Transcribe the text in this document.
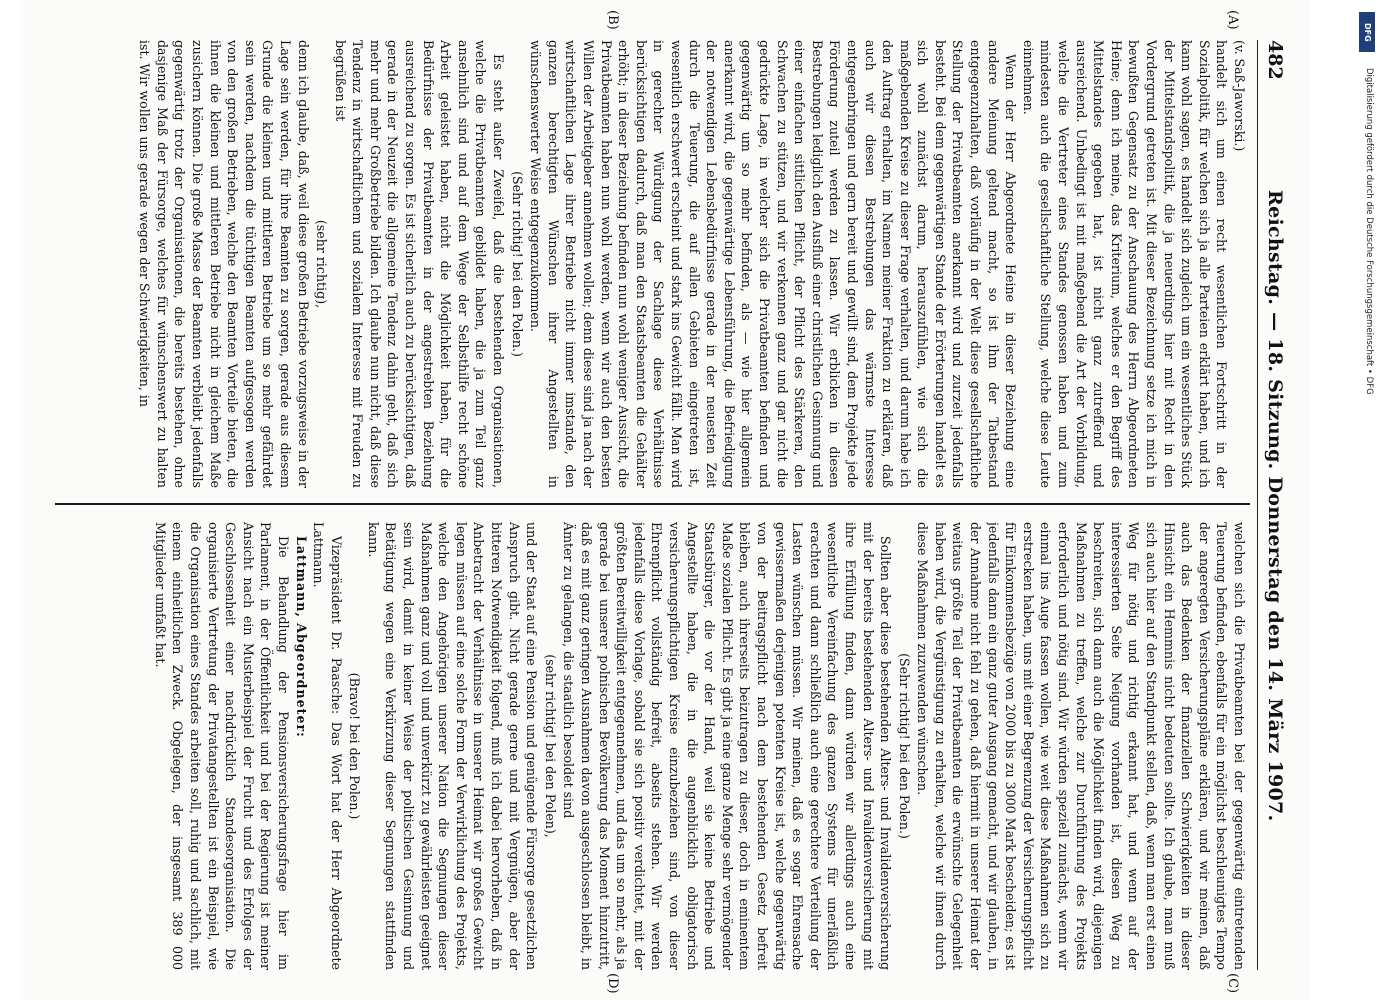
482
Reichstag. — 18. Sitzung. Donnerstag den 14. März 1907.
(A)
(B)
(C)
(D)

(v. Saß-Jaworski.)

handelt sich um einen recht wesentlichen Fortschritt in der Sozialpolitik, für welchen sich ja alle Parteien erklärt haben, und ich kann wohl sagen, es handelt sich zugleich um ein wesentliches Stück der Mittelstandspolitik, die ja neuerdings hier mit Recht in den Vordergrund getreten ist. Mit dieser Bezeichnung setze ich mich in bewußten Gegensatz zu der Anschauung des Herrn Abgeordneten Heine; denn ich meine, das Kriterium, welches er den Begriff des Mittelstandes gegeben hat, ist nicht ganz zutreffend und ausreichend. Unbedingt ist mit maßgebend die Art der Vorbildung, welche die Vertreter eines Standes genossen haben und zum mindesten auch die gesellschaftliche Stellung, welche diese Leute einnehmen.

Wenn der Herr Abgeordnete Heine in dieser Beziehung eine andere Meinung geltend macht, so ist ihm der Tatbestand entgegenzuhalten, daß vorläufig in der Welt diese gesellschaftliche Stellung der Privatbeamten anerkannt wird und zurzeit jedenfalls besteht. Bei dem gegenwärtigen Stande der Erörterungen handelt es sich wohl zunächst darum, herauszufühlen, wie sich die maßgebenden Kreise zu dieser Frage verhalten, und darum habe ich den Auftrag erhalten, im Namen meiner Fraktion zu erklären, daß auch wir diesen Bestrebungen das wärmste Interesse entgegenbringen und gern bereit und gewillt sind, dem Projekte jede Förderung zuteil werden zu lassen. Wir erblicken in diesen Bestrebungen lediglich den Ausfluß einer christlichen Gesinnung und einer einfachen sittlichen Pflicht, der Pflicht des Stärkeren, den Schwachen zu stützen, und wir verkennen ganz und gar nicht die gedrückte Lage, in welcher sich die Privatbeamten befinden und gegenwärtig um so mehr befinden, als — wie hier allgemein anerkannt wird, die gegenwärtige Lebensführung, die Befriedigung der notwendigen Lebensbedürfnisse gerade in der neuesten Zeit durch die Teuerung, die auf allen Gebieten eingetreten ist, wesentlich erschwert erscheint und stark ins Gewicht fällt. Man wird in gerechter Würdigung der Sachlage diese Verhältnisse berücksichtigen dadurch, daß man den Staatsbeamten die Gehälter erhöht; in dieser Beziehung befinden nun wohl weniger Aussicht, die Privatbeamten haben nun wohl werden, wenn wir auch den besten Willen der Arbeitgeber annehmen wollen; denn diese sind ja nach der wirtschaftlichen Lage ihrer Betriebe nicht immer imstande, den ganzen berechtigten Wünschen ihrer Angestellten in wünschenswerter Weise entgegenzukommen.

(Sehr richtig! bei den Polen.)

Es steht außer Zweifel, daß die bestehenden Organisationen, welche die Privatbeamten gebildet haben, die ja zum Teil ganz ansehnlich sind und auf dem Wege der Selbsthilfe recht schöne Arbeit geleistet haben, nicht die Möglichkeit haben, für die Bedürfnisse der Privatbeamten in der angestrebten Beziehung ausreichend zu sorgen. Es ist sicherlich auch zu berücksichtigen, daß gerade in der Neuzeit die allgemeine Tendenz dahin geht, daß sich mehr und mehr Großbetriebe bilden. Ich glaube nun nicht, daß diese Tendenz in wirtschaftlichem und sozialem Interesse mit Freuden zu begrüßen ist

(sehr richtig),

denn ich glaube, daß, weil diese großen Betriebe vorzugsweise in der Lage sein werden, für ihre Beamten zu sorgen, gerade aus diesem Grunde die kleinen und mittleren Betriebe um so mehr gefährdet sein werden, nachdem die tüchtigen Beamten aufgesogen werden von den großen Betrieben, welche den Beamten Vorteile bieten, die ihnen die kleinen und mittleren Betriebe nicht in gleichem Maße zusichern können. Die große Masse der Beamten verbleibt jedenfalls gegenwärtig trotz der Organisationen, die bereits bestehen, ohne dasjenige Maß der Fürsorge, welches für wünschenswert zu halten ist. Wir wollen uns gerade wegen der Schwierigkeiten, in

welchen sich die Privatbeamten bei der gegenwärtig eintretenden Teuerung befinden, ebenfalls für ein möglichst beschleunigtes Tempo der angeregten Versicherungspläne erklären, und wir meinen, daß auch das Bedenken der finanziellen Schwierigkeiten in dieser Hinsicht ein Hemmnis nicht bedeuten sollte. Ich glaube, man muß sich auch hier auf den Standpunkt stellen, daß, wenn man erst einen Weg für nötig und richtig erkannt hat, und wenn auf der interessierten Seite Neigung vorhanden ist, diesen Weg zu beschreiten, sich dann auch die Möglichkeit finden wird, diejenigen Maßnahmen zu treffen, welche zur Durchführung des Projekts erforderlich und nötig sind. Wir würden speziell zunächst, wenn wir einmal ins Auge fassen wollen, wie weit diese Maßnahmen sich zu erstrecken haben, uns mit einer Begrenzung der Versicherungspflicht für Einkommensbezüge von 2000 bis zu 3000 Mark bescheiden; es ist jedenfalls dann ein ganz guter Ausgang gemacht, und wir glauben, in der Annahme nicht fehl zu gehen, daß hiermit in unserer Heimat der weitaus größte Teil der Privatbeamten die erwünschte Gelegenheit haben wird, die Vergünstigung zu erhalten, welche wir ihnen durch diese Maßnahmen zuzuwenden wünschen.

(Sehr richtig! bei den Polen.)

Sollten aber diese bestehenden Alters- und Invalidenversicherung mit der bereits bestehenden Alters- und Invalidenversicherung mit ihre Erfüllung finden, dann würden wir allerdings auch eine wesentliche Vereinfachung des ganzen Systems für unerläßlich erachten und dann schließlich auch eine gerechtere Verteilung der Lasten wünschen müssen. Wir meinen, daß es sogar Ehrensache gewissermaßen derjenigen potenten Kreise ist, welche gegenwärtig von der Beitragspflicht nach dem bestehenden Gesetz befreit bleiben, auch ihrerseits beizutragen zu dieser, doch in eminentem Maße sozialen Pflicht. Es gibt ja eine ganze Menge sehr vermögender Staatsbürger, die vor der Hand, weil sie keine Betriebe und Angestellte haben, die in die augenblicklich obligatorisch versicherungspflichtigen Kreise einzubeziehen sind, von dieser Ehrenpflicht vollständig befreit, abseits stehen. Wir werden jedenfalls diese Vorlage, sobald sie sich positiv verdichtet, mit der größten Bereitwilligkeit entgegennehmen, und das um so mehr, als ja gerade bei unserer polnischen Bevölkerung das Moment hinzutritt, daß es mit ganz geringen Ausnahmen davon ausgeschlossen bleibt, in Ämter zu gelangen, die staatlich besoldet sind

(sehr richtig! bei den Polen),

und der Staat auf eine Pension und genügende Fürsorge gesetzlichen Anspruch gibt. Nicht gerade gerne und mit Vergnügen, aber der bitteren Notwendigkeit folgend, muß ich dabei hervorheben, daß in Anbetracht der Verhältnisse in unserer Heimat wir großes Gewicht legen müssen auf eine solche Form der Verwirklichung des Projekts, welche den Angehörigen unserer Nation die Segnungen dieser Maßnahmen ganz und voll und unverkürzt zu gewährleisten geeignet sein wird, damit in keiner Weise der politischen Gesinnung und Betätigung wegen eine Verkürzung dieser Segnungen stattfinden kann.

(Bravo! bei den Polen.)

Vizepräsident Dr. Paasche: Das Wort hat der Herr Abgeordnete Lattmann.

Lattmann, Abgeordneter:

Die Behandlung der Pensionsversicherungsfrage hier im Parlament, in der Öffentlichkeit und bei der Regierung ist meiner Ansicht nach ein Musterbeispiel der Frucht und des Erfolges der Geschlossenheit einer nachdrücklich Standesorganisation. Die organisierte Vertretung der Privatangestellten ist ein Beispiel, wie die Organisation eines Standes arbeiten soll, ruhig und sachlich, mit einem einheitlichen Zweck. Obgelegen, der insgesamt 389 000 Mitglieder umfaßt hat.

DFG
Digitalisierung gefördert durch die Deutsche Forschungsgemeinschaft • DFG
